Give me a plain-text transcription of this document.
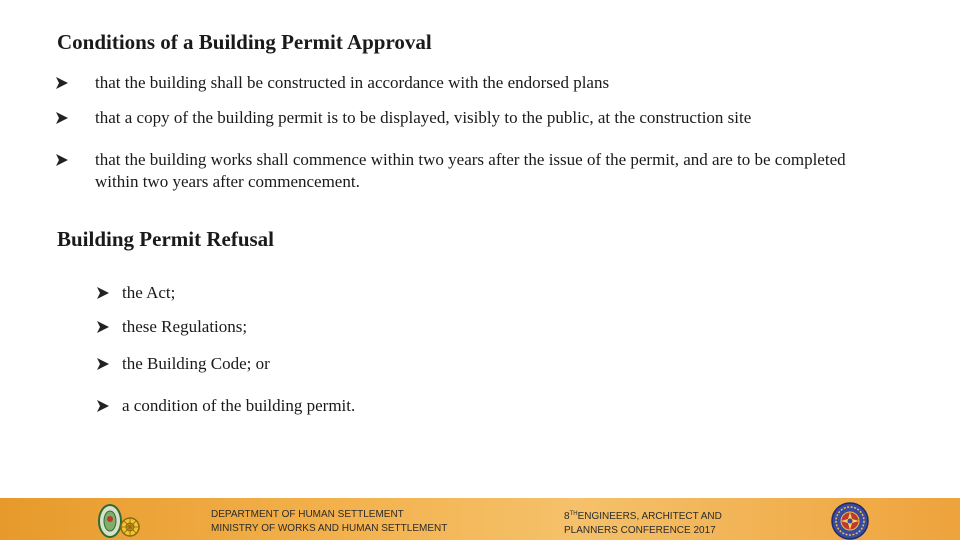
Conditions of a Building Permit Approval
that the building shall be constructed in accordance with the endorsed plans
that a copy of the building permit is to be displayed, visibly to the public, at the construction site
that the building works shall commence within two years after the issue of the permit, and are to be completed within two years after commencement.
Building Permit Refusal
the Act;
these Regulations;
the Building Code; or
a condition of the building permit.
DEPARTMENT OF HUMAN SETTLEMENT
MINISTRY OF WORKS AND HUMAN SETTLEMENT
8THENGINEERS, ARCHITECT AND
PLANNERS CONFERENCE 2017
